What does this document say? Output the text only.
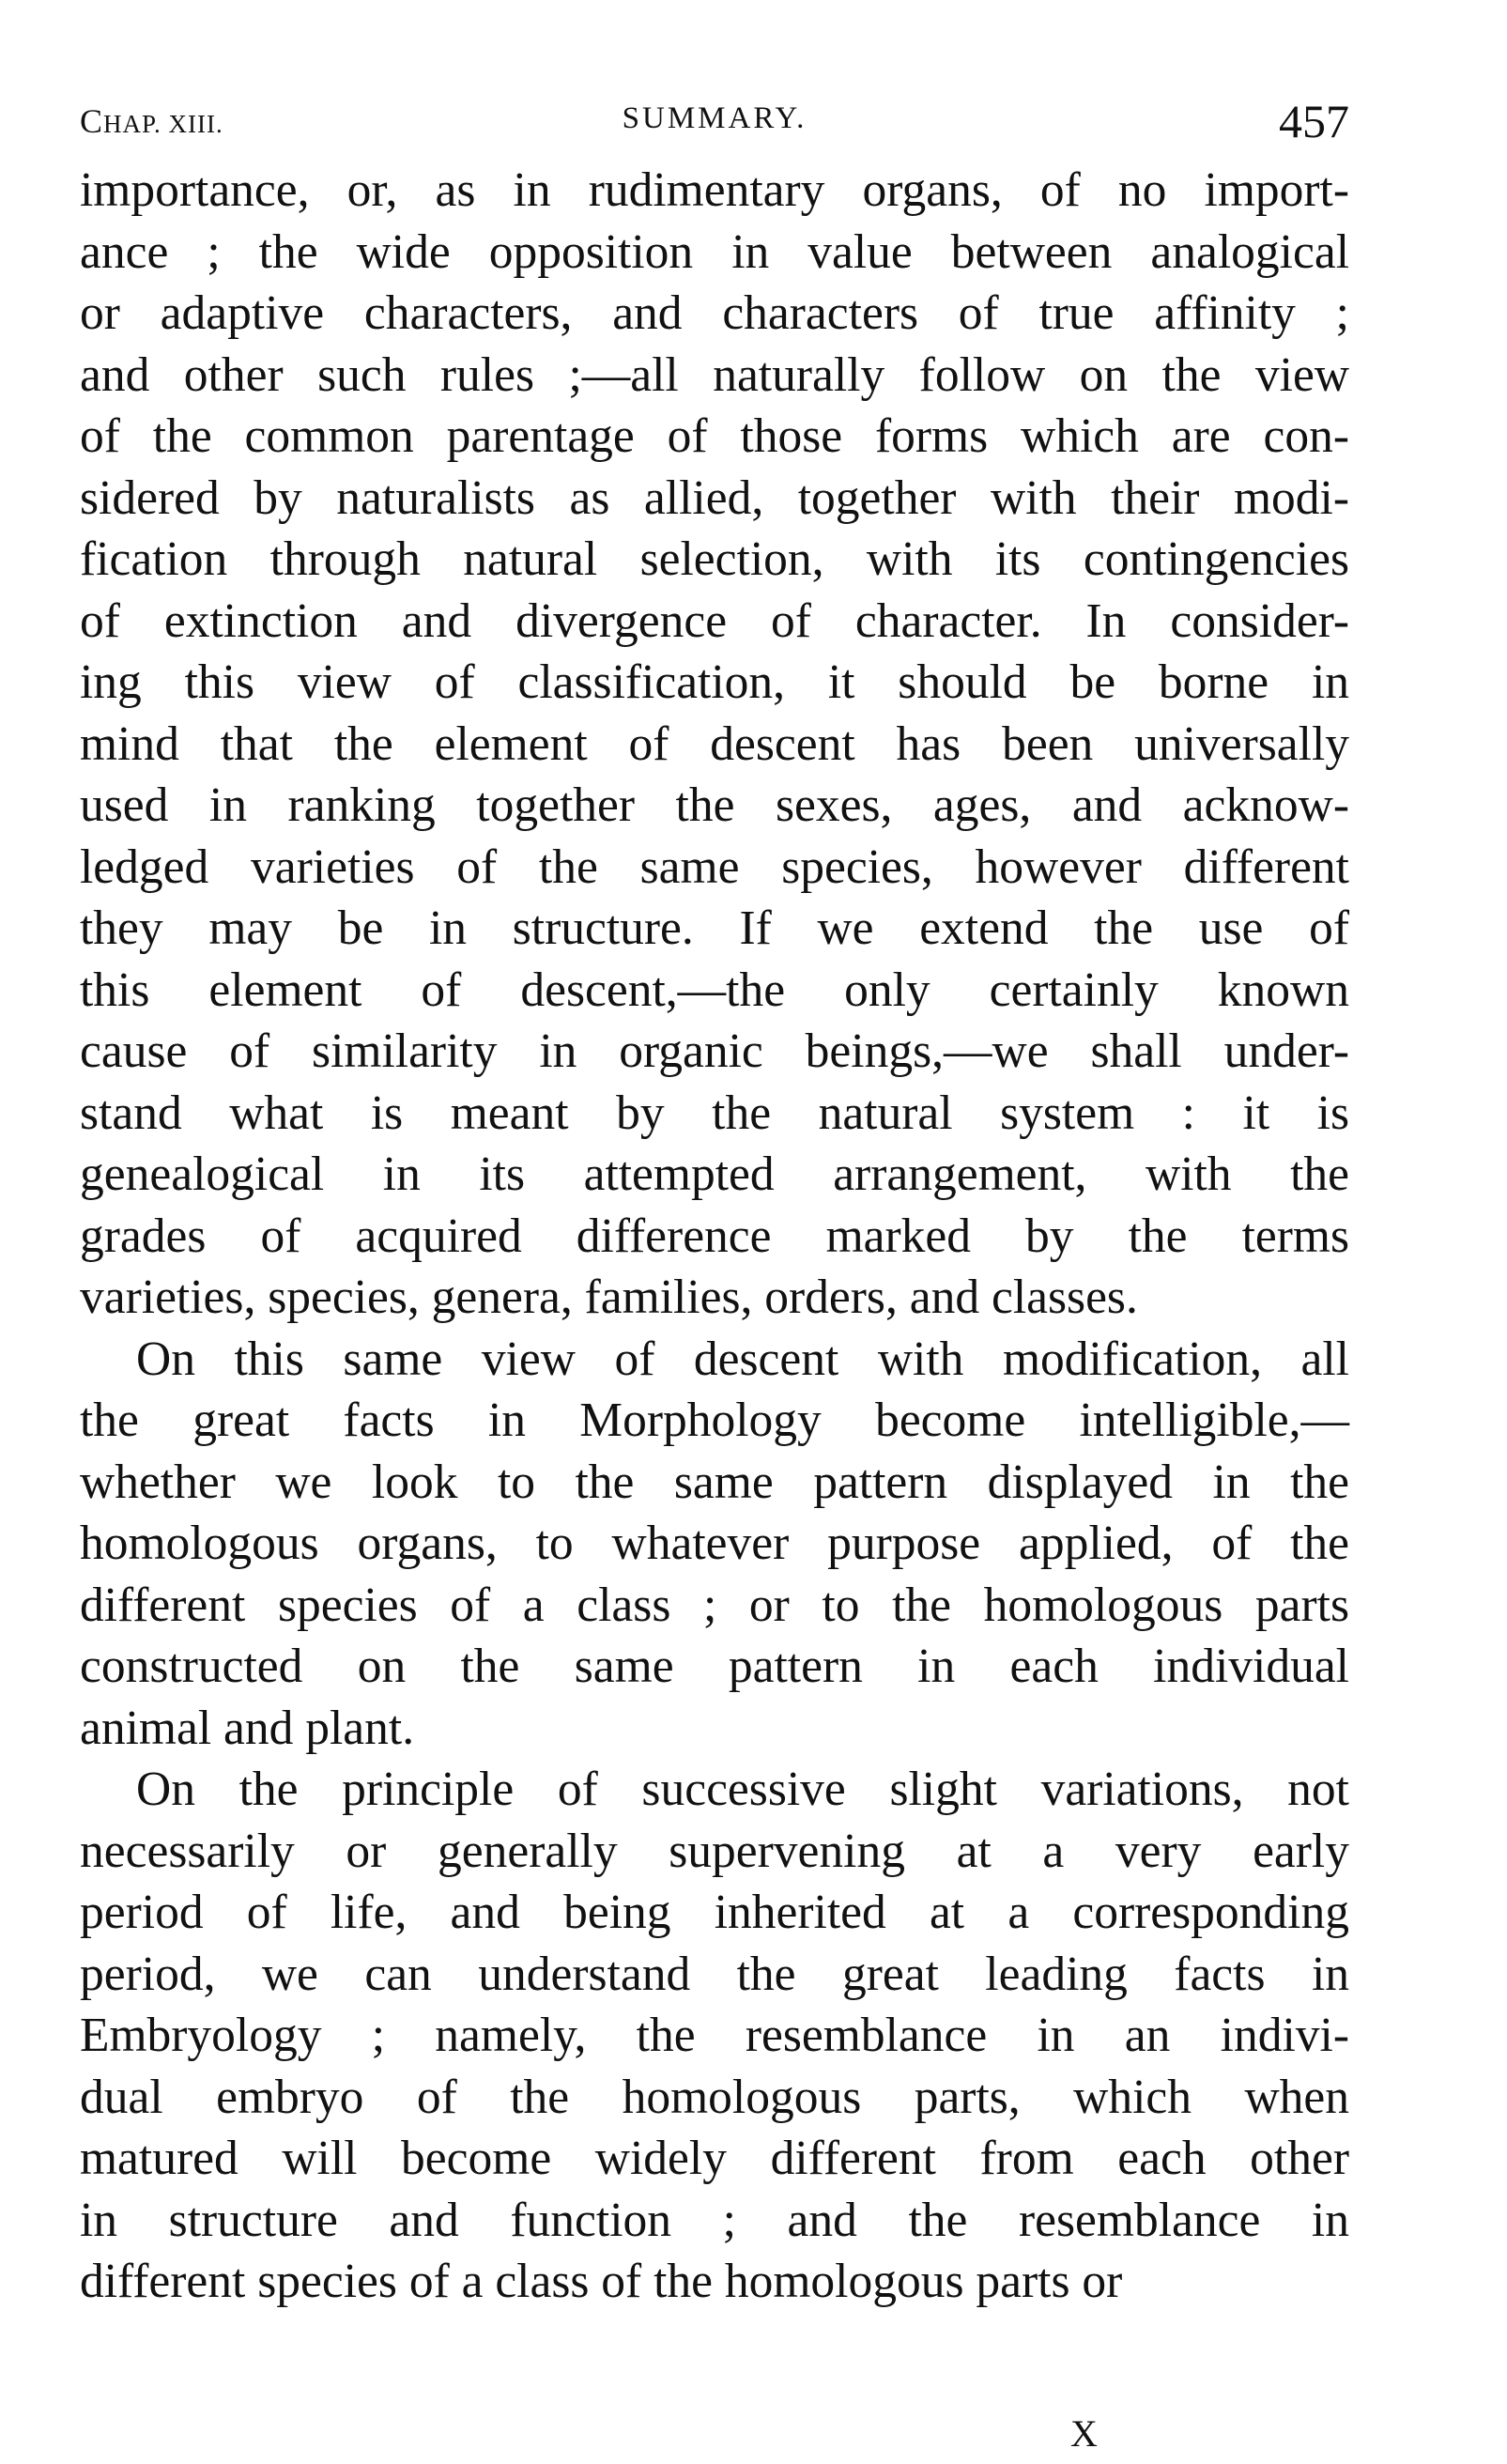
CHAP. XIII.	SUMMARY.	457
importance, or, as in rudimentary organs, of no import-
ance ; the wide opposition in value between analogical
or adaptive characters, and characters of true affinity ;
and other such rules ;—all naturally follow on the view
of the common parentage of those forms which are con-
sidered by naturalists as allied, together with their modi-
fication through natural selection, with its contingencies
of extinction and divergence of character. In consider-
ing this view of classification, it should be borne in
mind that the element of descent has been universally
used in ranking together the sexes, ages, and acknow-
ledged varieties of the same species, however different
they may be in structure. If we extend the use of
this element of descent,—the only certainly known
cause of similarity in organic beings,—we shall under-
stand what is meant by the natural system : it is
genealogical in its attempted arrangement, with the
grades of acquired difference marked by the terms
varieties, species, genera, families, orders, and classes.
On this same view of descent with modification, all
the great facts in Morphology become intelligible,—
whether we look to the same pattern displayed in the
homologous organs, to whatever purpose applied, of the
different species of a class ; or to the homologous parts
constructed on the same pattern in each individual
animal and plant.
On the principle of successive slight variations, not
necessarily or generally supervening at a very early
period of life, and being inherited at a corresponding
period, we can understand the great leading facts in
Embryology ; namely, the resemblance in an indivi-
dual embryo of the homologous parts, which when
matured will become widely different from each other
in structure and function ; and the resemblance in
different species of a class of the homologous parts or
X
